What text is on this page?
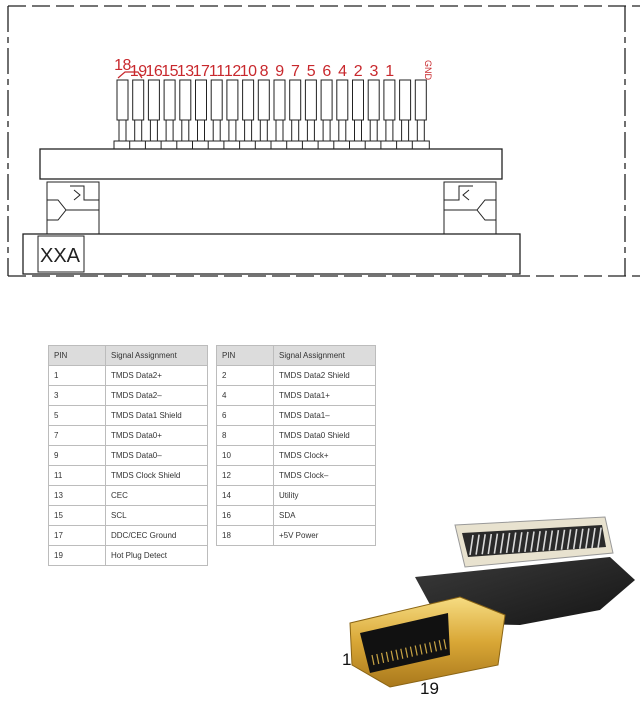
18
19
16
15
13
17 11 12
10 8 9 7 5 6 4 2 3 1	GND
XXA
PIN	Signal Assignment
1	TMDS Data2+
3	TMDS Data2–
5	TMDS Data1 Shield
7	TMDS Data0+
9	TMDS Data0–
11	TMDS Clock Shield
13	CEC
15	SCL
17	DDC/CEC Ground
19	Hot Plug Detect
PIN	Signal Assignment
2	TMDS Data2 Shield
4	TMDS Data1+
6	TMDS Data1–
8	TMDS Data0 Shield
10	TMDS Clock+
12	TMDS Clock–
14	Utility
16	SDA
18	+5V Power
1
19
